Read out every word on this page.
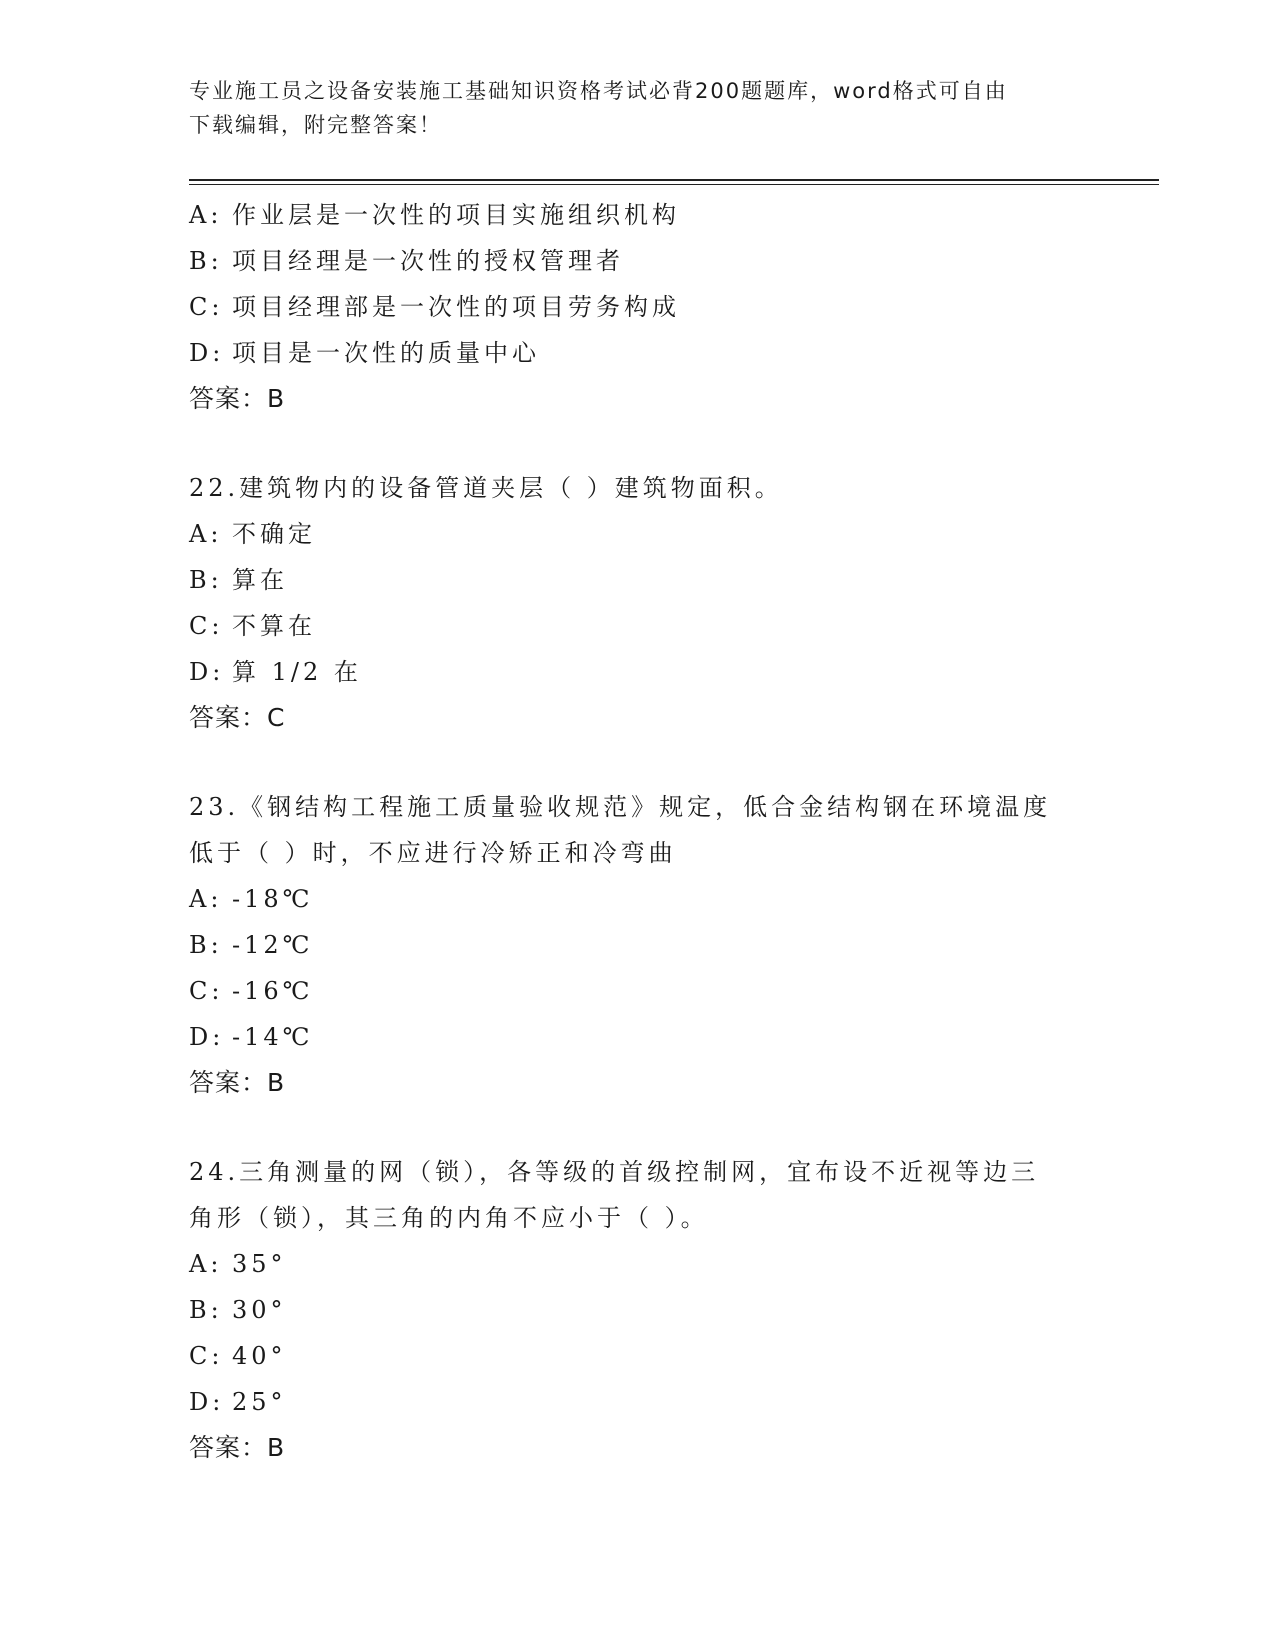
专业施工员之设备安装施工基础知识资格考试必背200题题库，word格式可自由
下载编辑，附完整答案！
A: 作业层是一次性的项目实施组织机构
B: 项目经理是一次性的授权管理者
C: 项目经理部是一次性的项目劳务构成
D: 项目是一次性的质量中心
答案：B
22.建筑物内的设备管道夹层（ ）建筑物面积。
A: 不确定
B: 算在
C: 不算在
D: 算 1/2 在
答案：C
23.《钢结构工程施工质量验收规范》规定，低合金结构钢在环境温度
低于（ ）时，不应进行冷矫正和冷弯曲
A: -18℃
B: -12℃
C: -16℃
D: -14℃
答案：B
24.三角测量的网（锁），各等级的首级控制网，宜布设不近视等边三
角形（锁），其三角的内角不应小于（ ）。
A: 35°
B: 30°
C: 40°
D: 25°
答案：B
